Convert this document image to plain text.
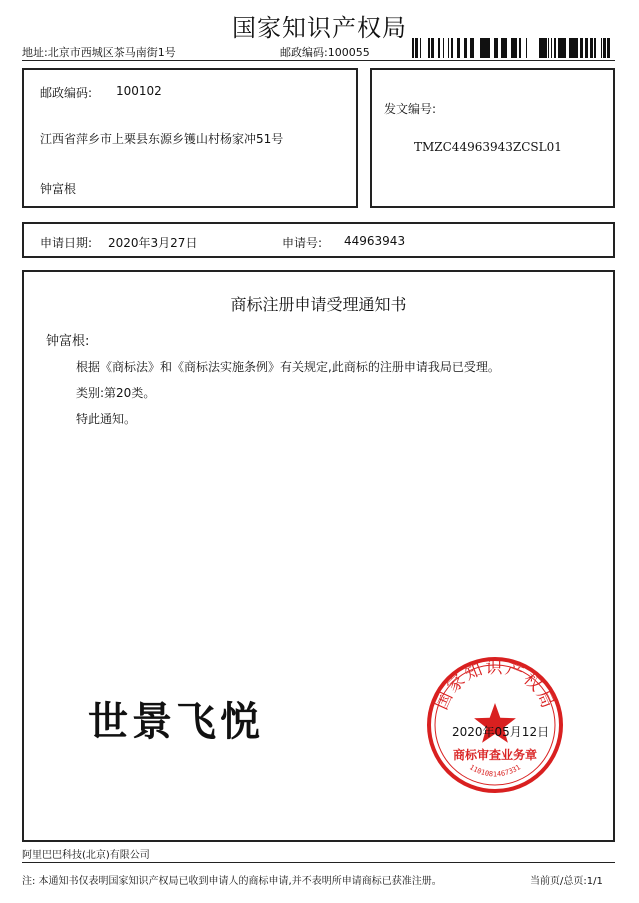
国家知识产权局
地址:北京市西城区茶马南街1号	邮政编码:100055
邮政编码: 100102
江西省萍乡市上栗县东源乡镬山村杨家冲51号
钟富根
发文编号:
TMZC44963943ZCSL01
申请日期: 2020年3月27日	申请号: 44963943
商标注册申请受理通知书
钟富根:
根据《商标法》和《商标法实施条例》有关规定,此商标的注册申请我局已受理。
类别:第20类。
特此通知。
世景飞悦	国家知识产权局
商标审查业务章
1101081467331
2020年05月12日
阿里巴巴科技(北京)有限公司
注: 本通知书仅表明国家知识产权局已收到申请人的商标申请,并不表明所申请商标已获准注册。	当前页/总页:1/1
